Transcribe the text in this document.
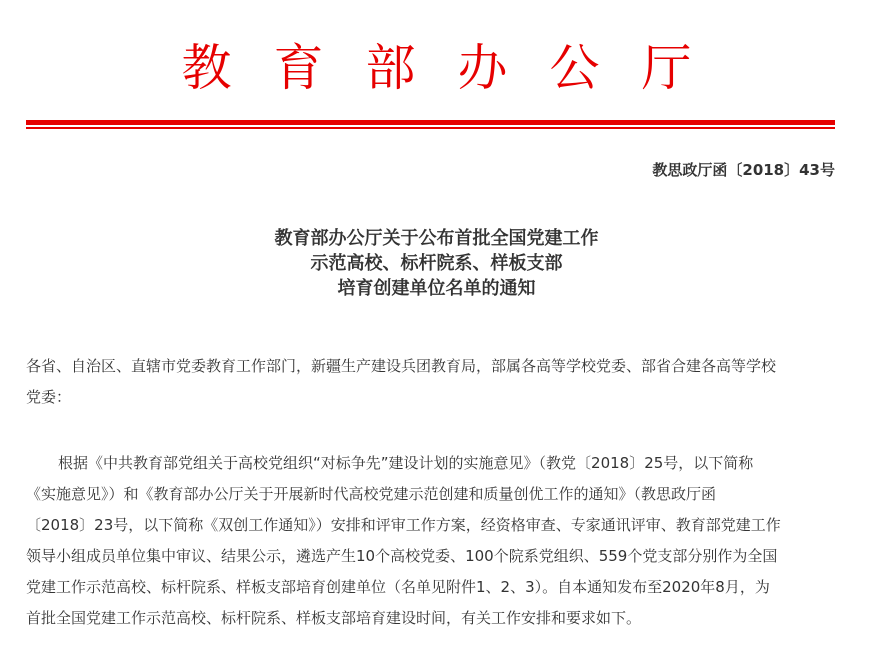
教 育 部 办 公 厅
教思政厅函〔2018〕43号
教育部办公厅关于公布首批全国党建工作
示范高校、标杆院系、样板支部
培育创建单位名单的通知
各省、自治区、直辖市党委教育工作部门，新疆生产建设兵团教育局，部属各高等学校党委、部省合建各高等学校
党委：
根据《中共教育部党组关于高校党组织“对标争先”建设计划的实施意见》（教党〔2018〕25号，以下简称
《实施意见》）和《教育部办公厅关于开展新时代高校党建示范创建和质量创优工作的通知》（教思政厅函
〔2018〕23号，以下简称《双创工作通知》）安排和评审工作方案，经资格审查、专家通讯评审、教育部党建工作
领导小组成员单位集中审议、结果公示，遴选产生10个高校党委、100个院系党组织、559个党支部分别作为全国
党建工作示范高校、标杆院系、样板支部培育创建单位（名单见附件1、2、3）。自本通知发布至2020年8月，为
首批全国党建工作示范高校、标杆院系、样板支部培育建设时间，有关工作安排和要求如下。
